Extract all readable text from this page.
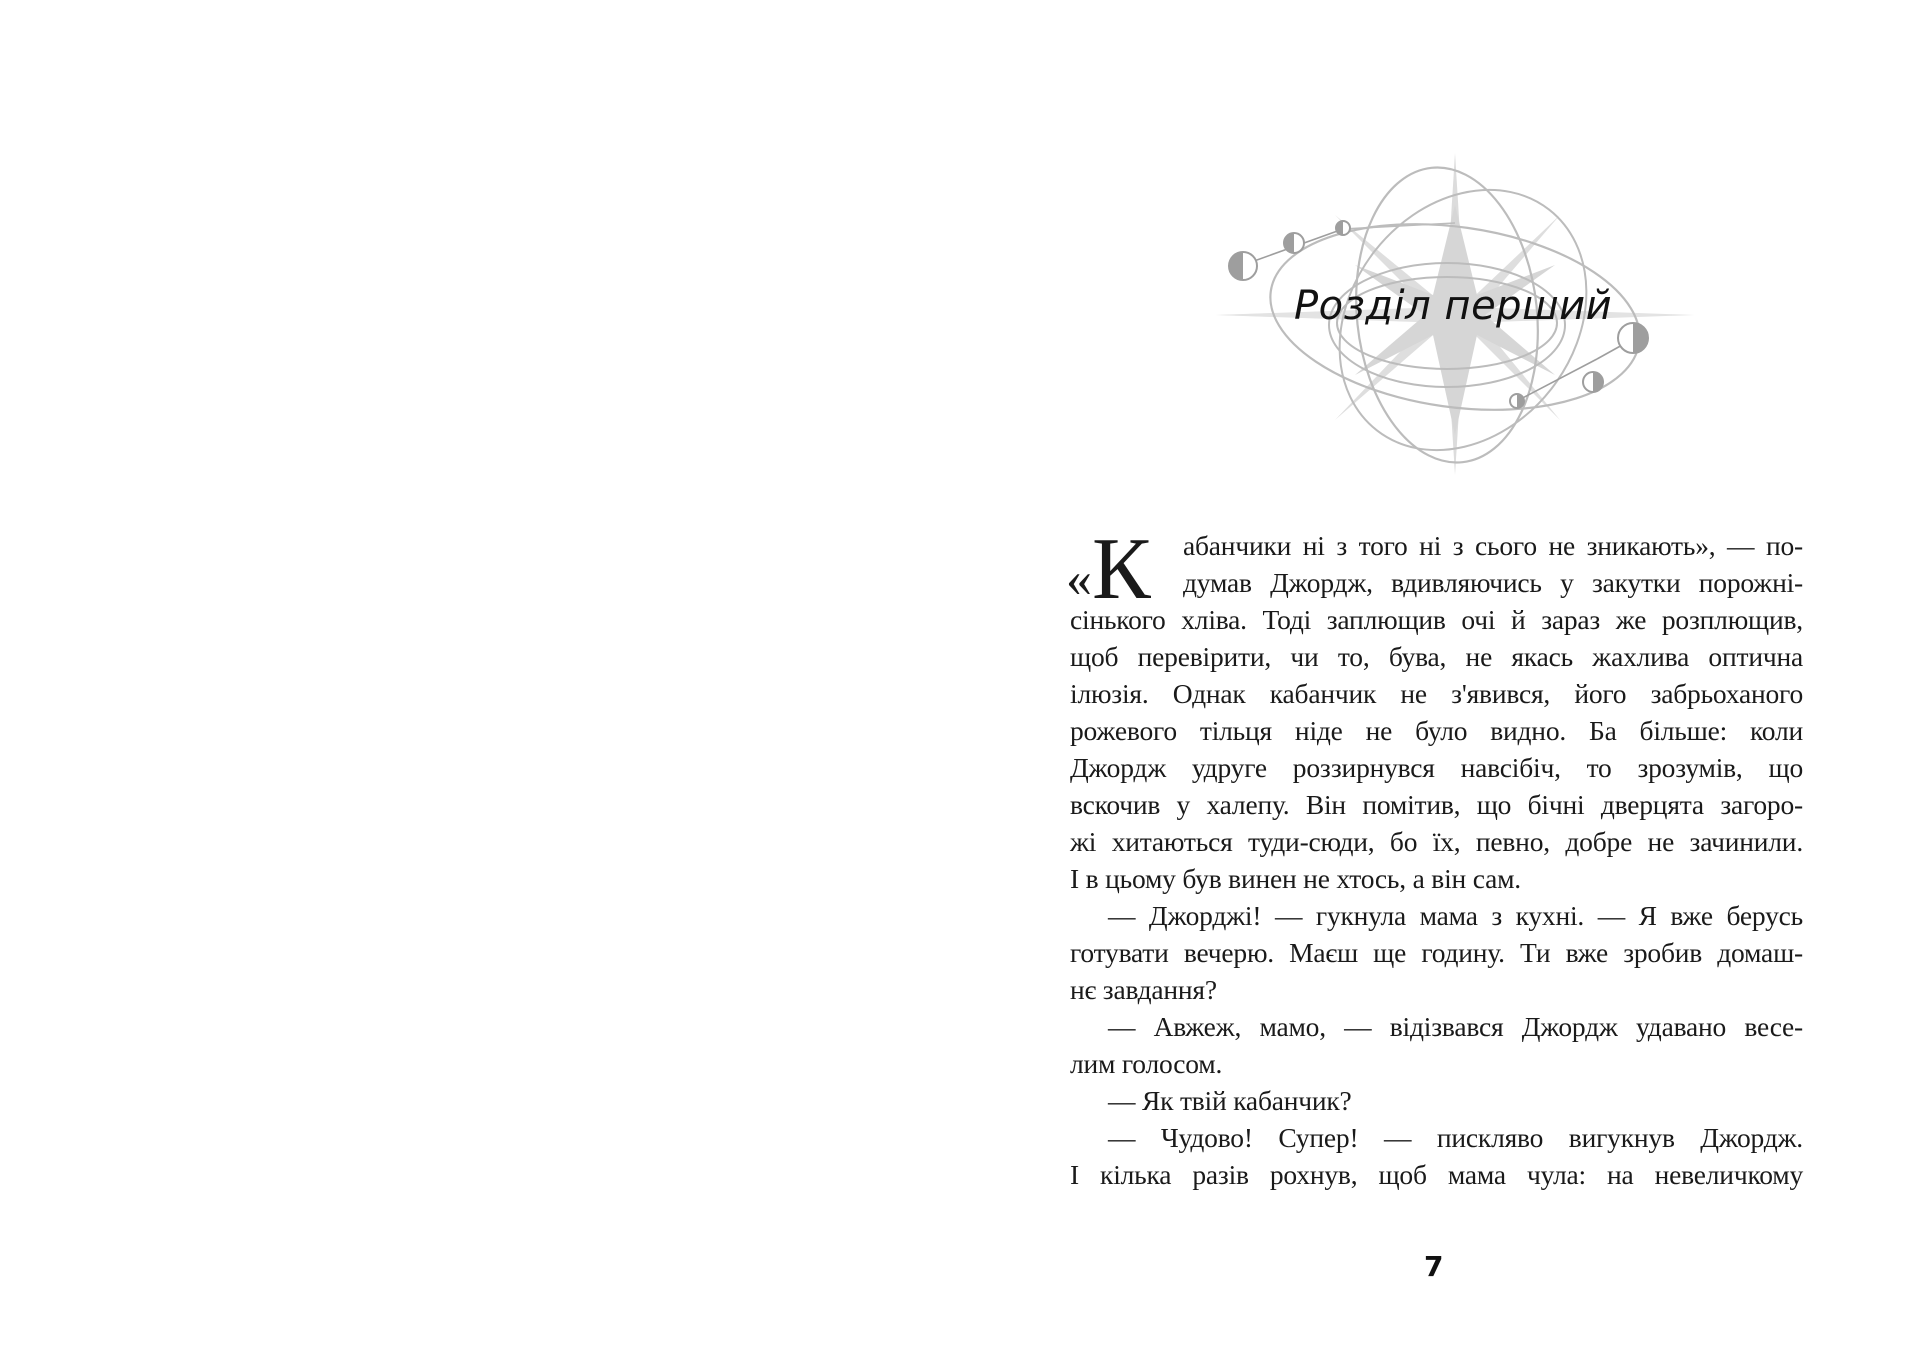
Розділ перший
«К	абанчики ні з того ні з сього не зникають», — по-
думав Джордж, вдивляючись у закутки порожні-
сінького хліва. Тоді заплющив очі й зараз же розплющив,
щоб перевірити, чи то, бува, не якась жахлива оптична
ілюзія. Однак кабанчик не з'явився, його забрьоханого
рожевого тільця ніде не було видно. Ба більше: коли
Джордж удруге роззирнувся навсібіч, то зрозумів, що
вскочив у халепу. Він помітив, що бічні дверцята загоро-
жі хитаються туди-сюди, бо їх, певно, добре не зачинили.
І в цьому був винен не хтось, а він сам.
— Джорджі! — гукнула мама з кухні. — Я вже берусь
готувати вечерю. Маєш ще годину. Ти вже зробив домаш-
нє завдання?
— Авжеж, мамо, — відізвався Джордж удавано весе-
лим голосом.
— Як твій кабанчик?
— Чудово! Супер! — пискляво вигукнув Джордж.
І кілька разів рохнув, щоб мама чула: на невеличкому
7
